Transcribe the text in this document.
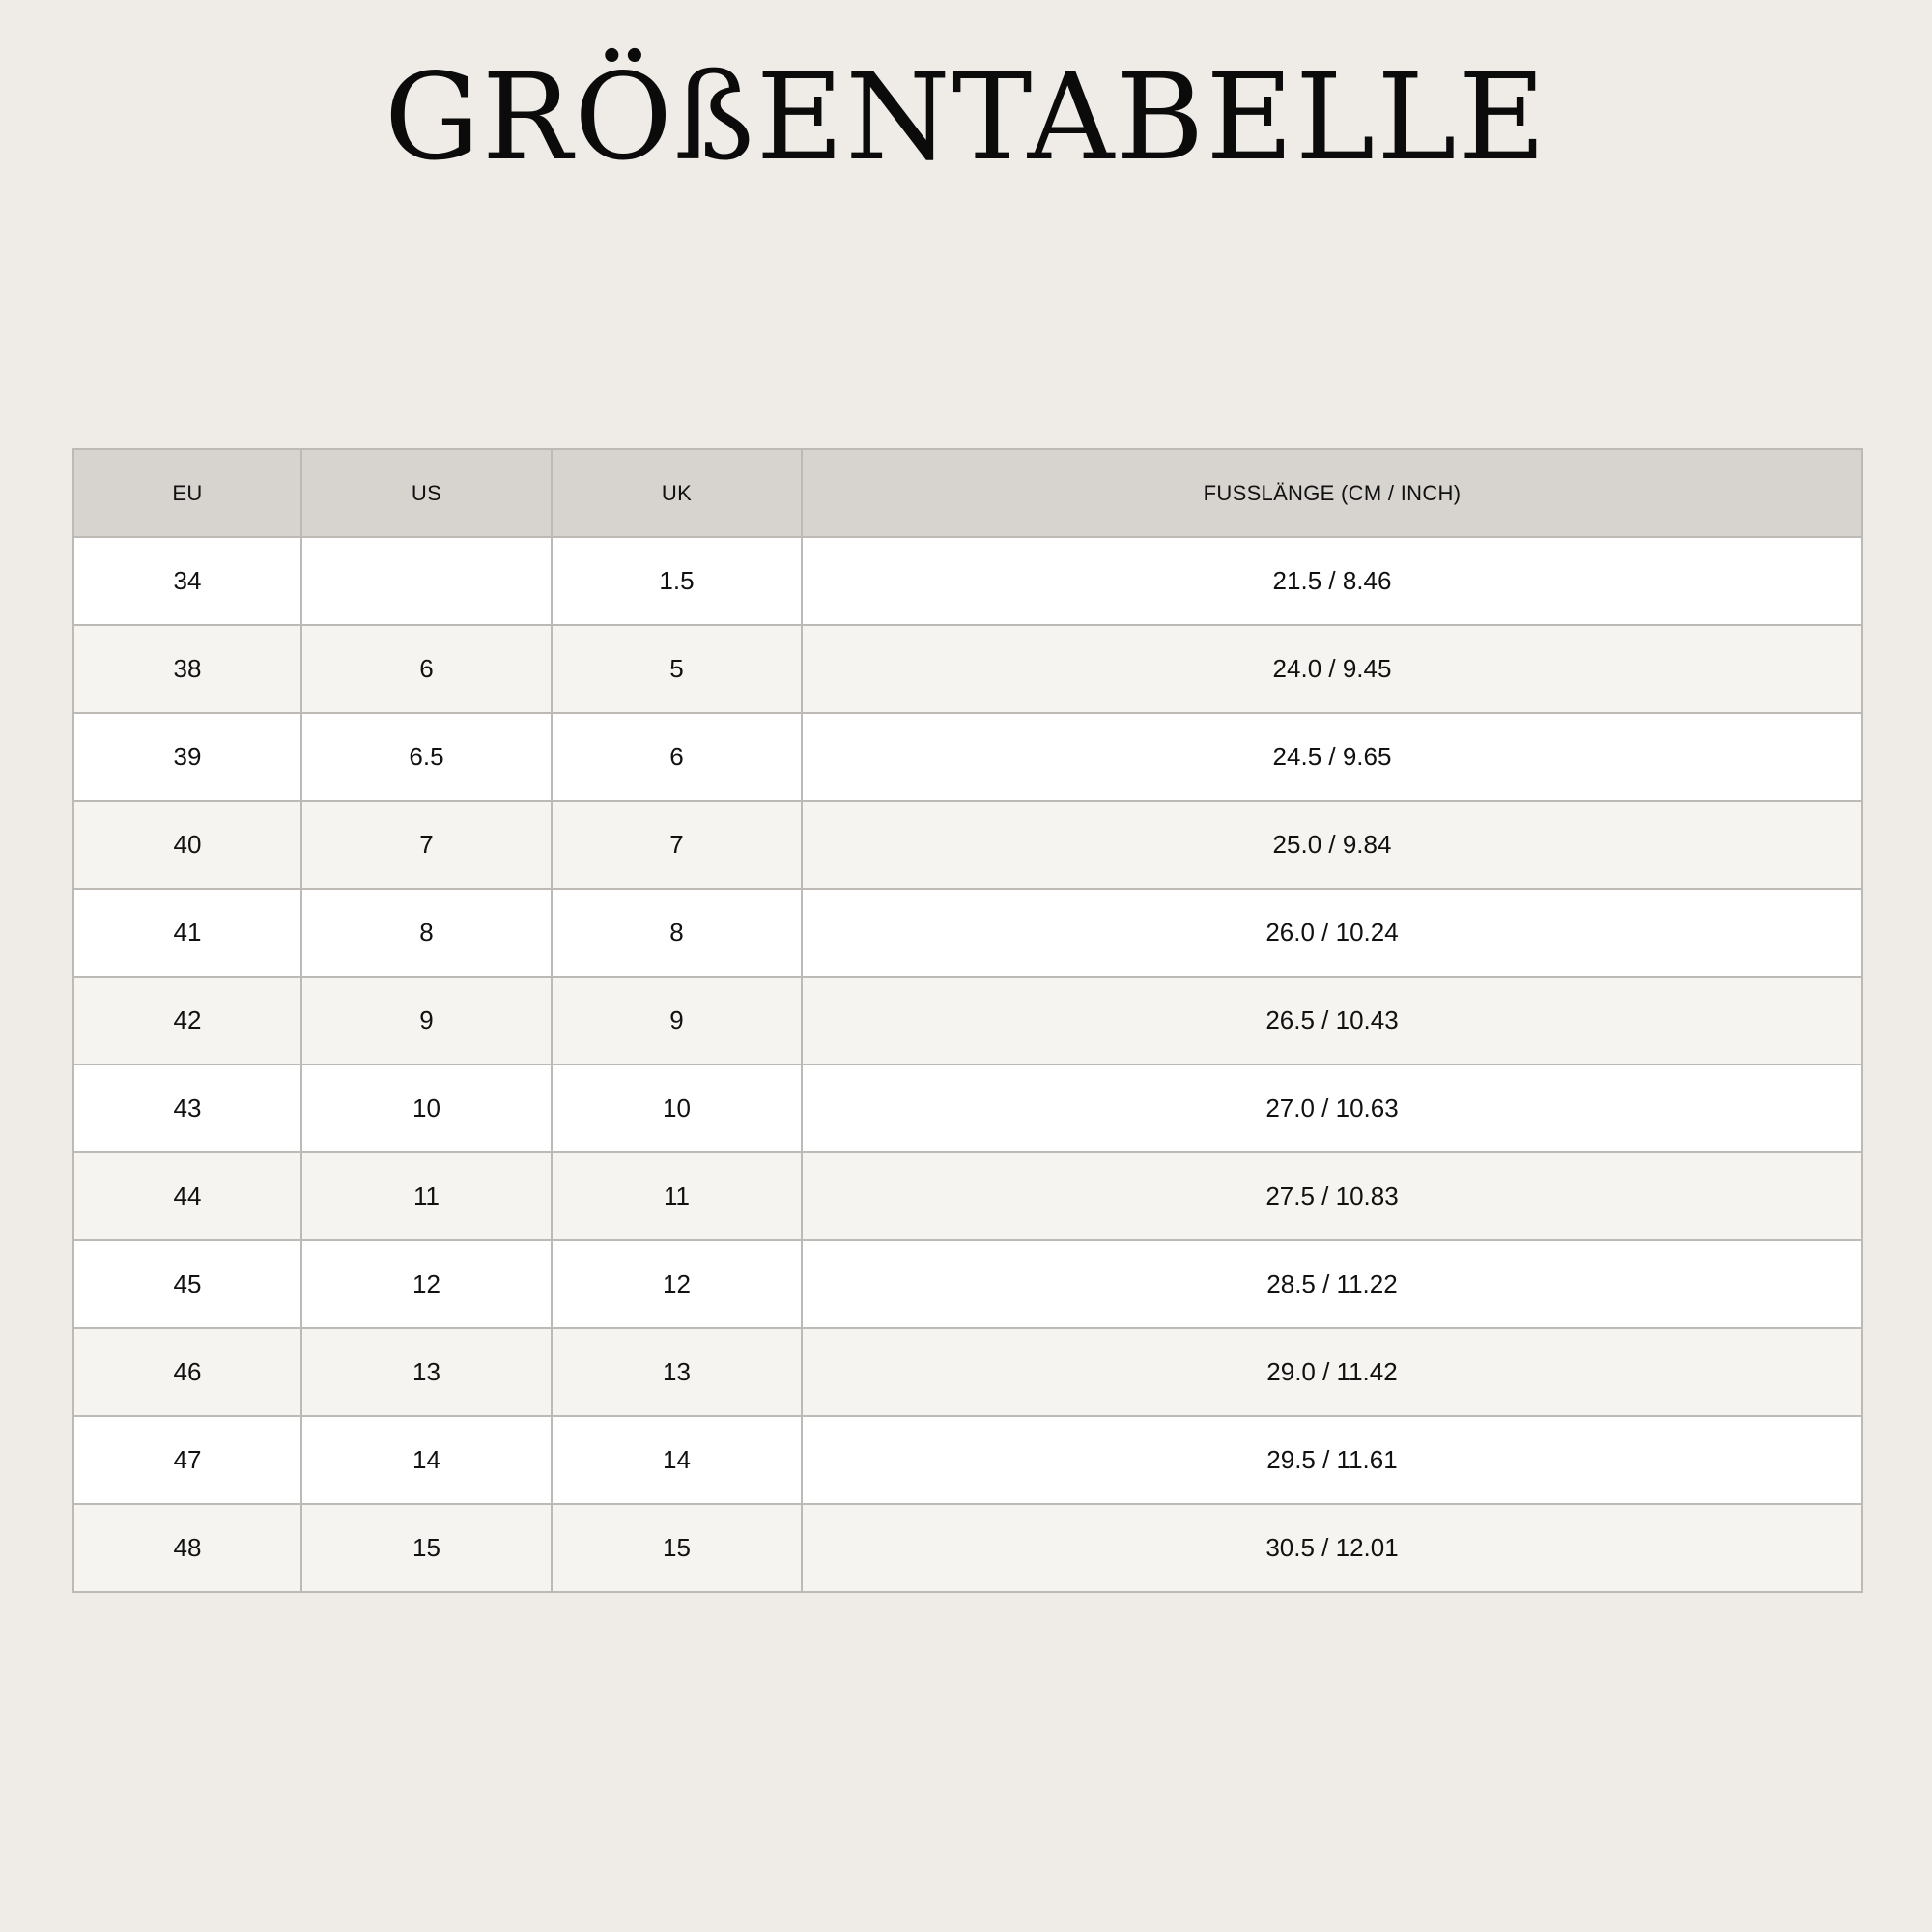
GRÖßENTABELLE
EU	US	UK	FUSSLÄNGE (CM / INCH)
34		1.5	21.5 / 8.46
38	6	5	24.0 / 9.45
39	6.5	6	24.5 / 9.65
40	7	7	25.0 / 9.84
41	8	8	26.0 / 10.24
42	9	9	26.5 / 10.43
43	10	10	27.0 / 10.63
44	11	11	27.5 / 10.83
45	12	12	28.5 / 11.22
46	13	13	29.0 / 11.42
47	14	14	29.5 / 11.61
48	15	15	30.5 / 12.01
